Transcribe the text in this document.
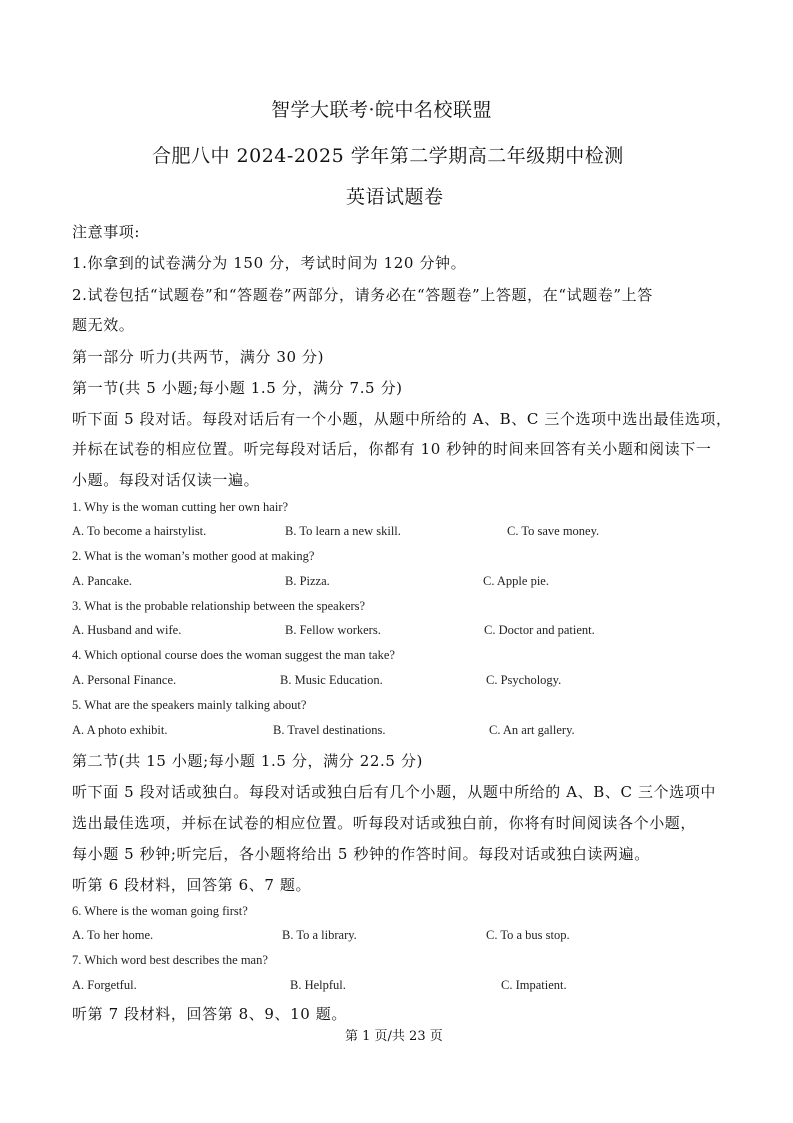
智学大联考·皖中名校联盟
合肥八中 2024-2025 学年第二学期高二年级期中检测
英语试题卷
注意事项:
1.你拿到的试卷满分为 150 分，考试时间为 120 分钟。
2.试卷包括“试题卷”和“答题卷”两部分，请务必在“答题卷”上答题，在“试题卷”上答
题无效。
第一部分 听力(共两节，满分 30 分)
第一节(共 5 小题;每小题 1.5 分，满分 7.5 分)
听下面 5 段对话。每段对话后有一个小题，从题中所给的 A、B、C 三个选项中选出最佳选项，
并标在试卷的相应位置。听完每段对话后，你都有 10 秒钟的时间来回答有关小题和阅读下一
小题。每段对话仅读一遍。
1. Why is the woman cutting her own hair?
A. To become a hairstylist.	B. To learn a new skill.	C. To save money.
2. What is the woman’s mother good at making?
A. Pancake.	B. Pizza.	C. Apple pie.
3. What is the probable relationship between the speakers?
A. Husband and wife.	B. Fellow workers.	C. Doctor and patient.
4. Which optional course does the woman suggest the man take?
A. Personal Finance.	B. Music Education.	C. Psychology.
5. What are the speakers mainly talking about?
A. A photo exhibit.	B. Travel destinations.	C. An art gallery.
第二节(共 15 小题;每小题 1.5 分，满分 22.5 分)
听下面 5 段对话或独白。每段对话或独白后有几个小题，从题中所给的 A、B、C 三个选项中
选出最佳选项，并标在试卷的相应位置。听每段对话或独白前，你将有时间阅读各个小题，
每小题 5 秒钟;听完后，各小题将给出 5 秒钟的作答时间。每段对话或独白读两遍。
听第 6 段材料，回答第 6、7 题。
6. Where is the woman going first?
A. To her home.	B. To a library.	C. To a bus stop.
7. Which word best describes the man?
A. Forgetful.	B. Helpful.	C. Impatient.
听第 7 段材料，回答第 8、9、10 题。
第 1 页/共 23 页
